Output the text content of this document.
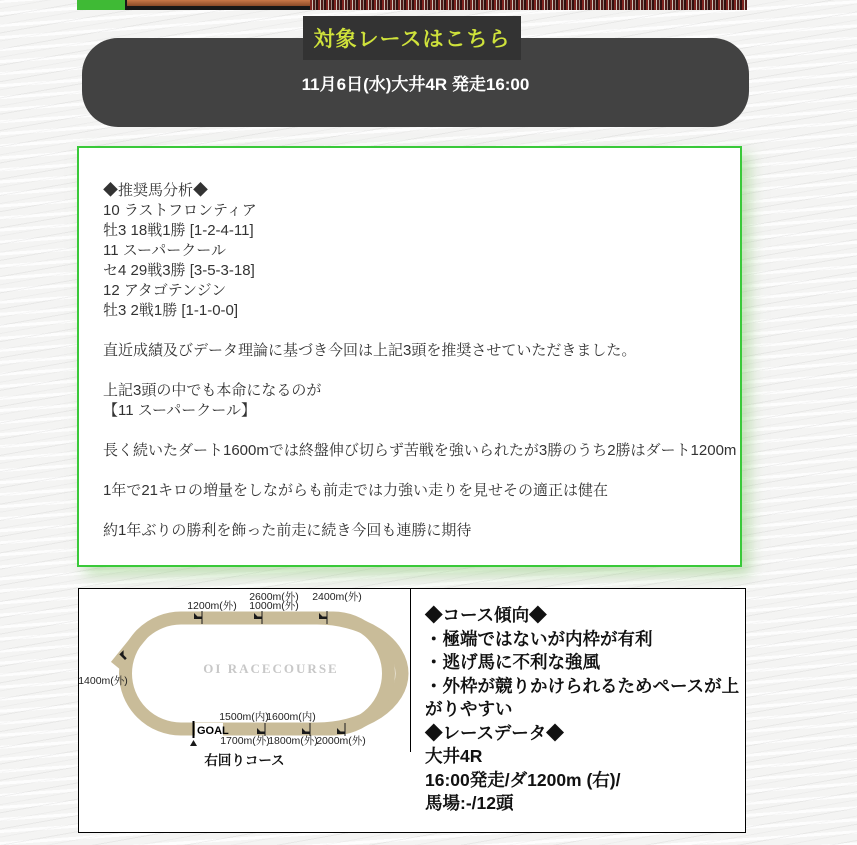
対象レースはこちら
11月6日(水)大井4R 発走16:00
◆推奨馬分析◆
10 ラストフロンティア
牡3 18戦1勝 [1-2-4-11]
11 スーパークール
セ4 29戦3勝 [3-5-3-18]
12 アタゴテンジン
牡3 2戦1勝 [1-1-0-0]

直近成績及びデータ理論に基づき今回は上記3頭を推奨させていただきました。

上記3頭の中でも本命になるのが
【11 スーパークール】

長く続いたダート1600mでは終盤伸び切らず苦戦を強いられたが3勝のうち2勝はダート1200m

1年で21キロの増量をしながらも前走では力強い走りを見せその適正は健在

約1年ぶりの勝利を飾った前走に続き今回も連勝に期待
1200m(外)
2600m(外)
1000m(外)
2400m(外)
1400m(外)
1500m(内)
1600m(内)
1700m(外)
1800m(外)
2000m(外)
GOAL
OI RACECOURSE
右回りコース
◆コース傾向◆
・極端ではないが内枠が有利
・逃げ馬に不利な強風
・外枠が競りかけられるためペースが上がりやすい
◆レースデータ◆
大井4R
16:00発走/ダ1200m (右)/
馬場:-/12頭
